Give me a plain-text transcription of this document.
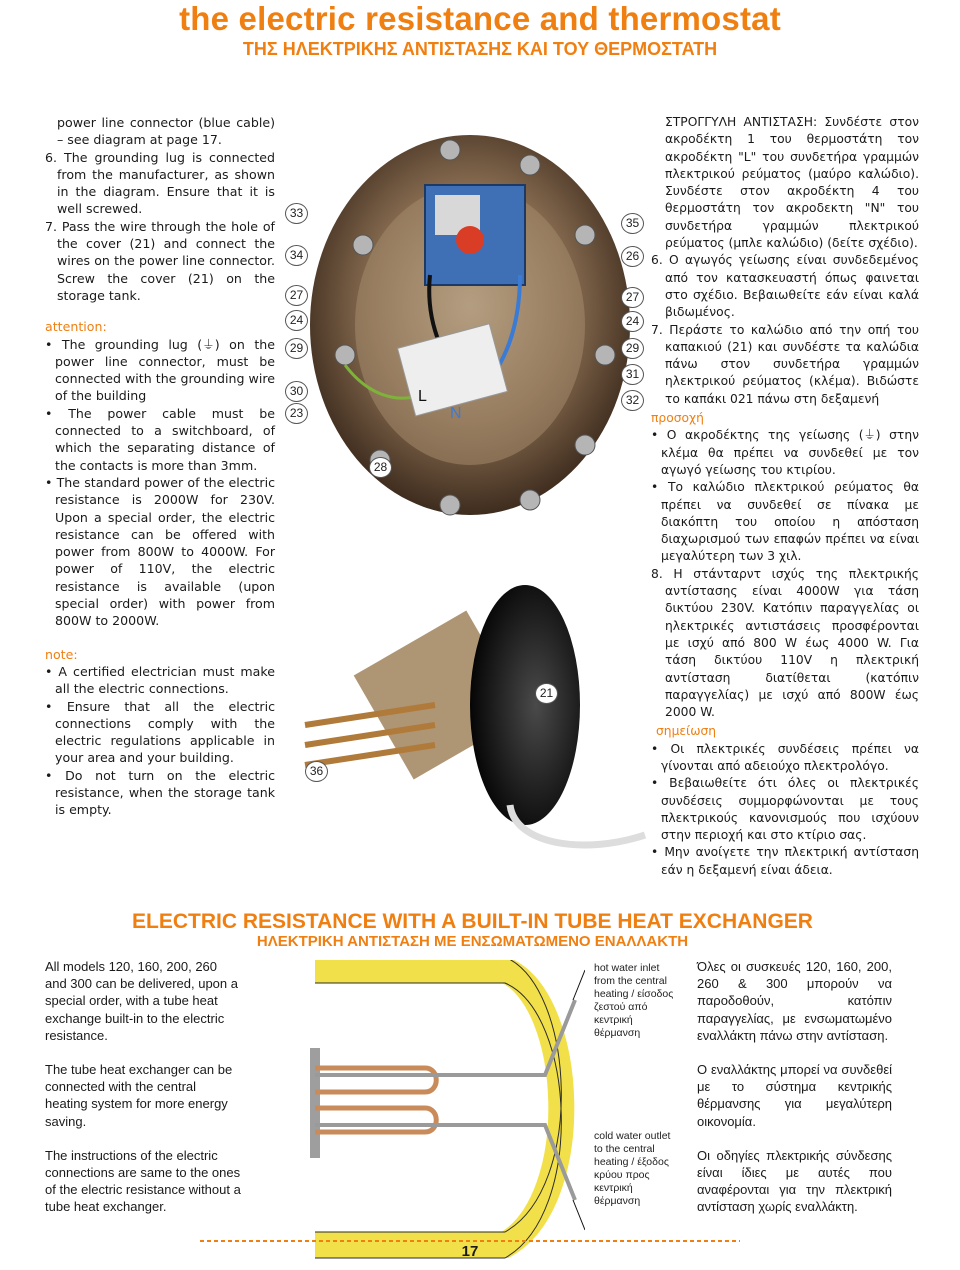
the electric resistance and thermostat
ΤΗΣ ΗΛΕΚΤΡΙΚΗΣ ΑΝΤΙΣΤΑΣΗΣ ΚΑΙ ΤΟΥ ΘΕΡΜΟΣΤΑΤΗ

power line connector (blue cable) – see diagram at page 17.

6. The grounding lug is connected from the manufacturer, as shown in the diagram. Ensure that it is well screwed.

7. Pass the wire through the hole of the cover (21) and connect the wires on the power line connector. Screw the cover (21) on the storage tank.

attention:

• The grounding lug (⏚) on the power line connector, must be connected with the grounding wire of the building

• The power cable must be connected to a switchboard, of which the separating distance of the contacts is more than 3mm.

• The standard power of the electric resistance is 2000W for 230V. Upon a special order, the electric resistance can be offered with power from 800W to 4000W. For power of 110V, the electric resistance is available (upon special order) with power from 800W to 2000W.

note:

• A certified electrician must make all the electric connections.

• Ensure that all the electric connections comply with the electric regulations applicable in your area and your building.

• Do not turn on the electric resistance, when the storage tank is empty.

33
34
27
24
29
30
23
35
26
27
24
29
31
32
28
36
21
L
N

ΣΤΡΟΓΓΥΛΗ ΑΝΤΙΣΤΑΣΗ: Συνδέστε στον ακροδέκτη 1 του θερμοστάτη τον ακροδέκτη "L" του συνδετήρα γραμμών πλεκτρικού ρεύματος (μαύρο καλώδιο). Συνδέστε στον ακροδέκτη 4 του θερμοστάτη τον ακροδεκτη "N" του συνδετήρα γραμμών πλεκτρικού ρεύματος (μπλε καλώδιο) (δείτε σχέδιο).

6. Ο αγωγός γείωσης είναι συνδεδεμένος από τον κατασκευαστή όπως φαινεται στο σχέδιο. Βεβαιωθείτε εάν είναι καλά βιδωμένος.

7. Περάστε το καλώδιο από την οπή του καπακιού (21) και συνδέστε τα καλώδια πάνω στον συνδετήρα γραμμών ηλεκτρικού ρεύματος (κλέμα). Βιδώστε το καπάκι 021 πάνω στη δεξαμενή

προσοχή

• Ο ακροδέκτης της γείωσης (⏚) στην κλέμα θα πρέπει να συνδεθεί με τον αγωγό γείωσης του κτιρίου.

• Το καλώδιο πλεκτρικού ρεύματος θα πρέπει να συνδεθεί σε πίνακα με διακόπτη του οποίου η απόσταση διαχωρισμού των επαφών πρέπει να είναι μεγαλύτερη των 3 χιλ.

8. Η στάνταρντ ισχύς της πλεκτρικής αντίστασης είναι 4000W για τάση δικτύου 230V. Κατόπιν παραγγελίας οι ηλεκτρικές αντιστάσεις προσφέρονται με ισχύ από 800 W έως 4000 W. Για τάση δικτύου 110V η πλεκτρική αντίσταση διατίθεται (κατόπιν παραγγελίας) με ισχύ από 800W έως 2000 W.

σημείωση

• Οι πλεκτρικές συνδέσεις πρέπει να γίνονται από αδειούχο πλεκτρολόγο.

• Βεβαιωθείτε ότι όλες οι πλεκτρικές συνδέσεις συμμορφώνονται με τους πλεκτρικούς κανονισμούς που ισχύουν στην περιοχή και στο κτίριο σας.

• Μην ανοίγετε την πλεκτρική αντίσταση εάν η δεξαμενή είναι άδεια.

ELECTRIC RESISTANCE WITH A BUILT-IN TUBE HEAT EXCHANGER
ΗΛΕΚΤΡΙΚΗ ΑΝΤΙΣΤΑΣΗ ΜΕ ΕΝΣΩΜΑΤΩΜΕΝΟ ΕΝΑΛΛΑΚΤΗ

All models 120, 160, 200, 260 and 300 can be delivered, upon a special order, with a tube heat exchange built-in to the electric resistance.

The tube heat exchanger can be connected with the central heating system for more energy saving.

The instructions of the electric connections are same to the ones of the electric resistance without a tube heat exchanger.

hot water inlet from the central heating / είσοδος ζεστού από κεντρική θέρμανση
cold water outlet to the central heating / έξοδος κρύου προς κεντρική θέρμανση

Όλες οι συσκευές 120, 160, 200, 260 & 300 μπορούν να παροδοθούν, κατόπιν παραγγελίας, με ενσωματωμένο εναλλάκτη πάνω στην αντίσταση.

Ο εναλλάκτης μπορεί να συνδεθεί με το σύστημα κεντρικής θέρμανσης για μεγαλύτερη οικονομία.

Οι οδηγίες πλεκτρικής σύνδεσης είναι ίδιες με αυτές που αναφέρονται για την πλεκτρική αντίσταση χωρίς εναλλάκτη.

17
